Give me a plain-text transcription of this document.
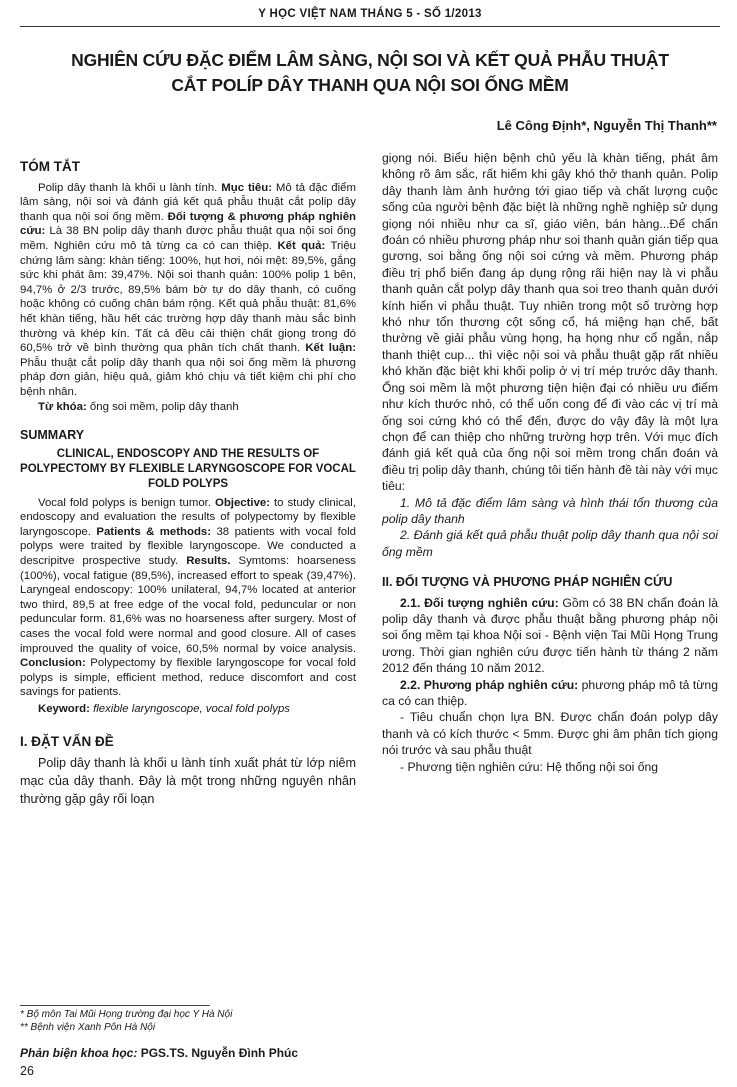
Y HỌC VIỆT NAM THÁNG 5 - SỐ 1/2013
NGHIÊN CỨU ĐẶC ĐIỂM LÂM SÀNG, NỘI SOI VÀ KẾT QUẢ PHẪU THUẬT
CẮT POLÍP DÂY THANH QUA NỘI SOI ỐNG MỀM
Lê Công Định*, Nguyễn Thị Thanh**
TÓM TẮT

Polip dây thanh là khối u lành tính. Mục tiêu: Mô tả đặc điểm lâm sàng, nội soi và đánh giá kết quả phẫu thuật cắt polip dây thanh qua nội soi ống mềm. Đối tượng & phương pháp nghiên cứu: Là 38 BN polip dây thanh được phẫu thuật qua nội soi ống mềm. Nghiên cứu mô tả từng ca có can thiệp. Kết quả: Triệu chứng lâm sàng: khàn tiếng: 100%, hụt hơi, nói mệt: 89,5%, gắng sức khi phát âm: 39,47%. Nội soi thanh quản: 100% polip 1 bên, 94,7% ở 2/3 trước, 89,5% bám bờ tự do dây thanh, có cuống hoặc không có cuống chân bám rộng. Kết quả phẫu thuật: 81,6% hết khàn tiếng, hầu hết các trường hợp dây thanh màu sắc bình thường và khép kín. Tất cả đều cải thiện chất giọng trong đó 60,5% trở về bình thường qua phân tích chất thanh. Kết luận: Phẫu thuật cắt polip dây thanh qua nội soi ống mềm là phương pháp đơn giản, hiệu quả, giảm khó chịu và tiết kiệm chi phí cho bệnh nhân.

Từ khóa: ống soi mềm, polip dây thanh

SUMMARY
CLINICAL, ENDOSCOPY AND THE RESULTS OF POLYPECTOMY BY FLEXIBLE LARYNGOSCOPE FOR VOCAL FOLD POLYPS

Vocal fold polyps is benign tumor. Objective: to study clinical, endoscopy and evaluation the results of polypectomy by flexible laryngoscope. Patients & methods: 38 patients with vocal fold polyps were traited by flexible laryngoscope. We conducted a descripitve prospective study. Results. Symtoms: hoarseness (100%), vocal fatigue (89,5%), increased effort to speak (39,47%). Laryngeal endoscopy: 100% unilateral, 94,7% located at anterior two third, 89,5 at free edge of the vocal fold, peduncular or non peduncular form. 81,6% was no hoarseness after surgery. Most of cases the vocal fold were normal and good closure. All of cases improuved the quality of voice, 60,5% normal by voice analysis. Conclusion: Polypectomy by flexible laryngoscope for vocal fold polyps is simple, efficient method, reduce discomfort and cost savings for patients.

Keyword: flexible laryngoscope, vocal fold polyps

I. ĐẶT VẤN ĐỀ

Polip dây thanh là khối u lành tính xuất phát từ lớp niêm mạc của dây thanh. Đây là một trong những nguyên nhân thường gặp gây rối loạn

giọng nói. Biểu hiện bệnh chủ yếu là khàn tiếng, phát âm không rõ âm sắc, rất hiếm khi gây khó thở thanh quản. Polip dây thanh làm ảnh hưởng tới giao tiếp và chất lượng cuộc sống của người bệnh đặc biệt là những nghề nghiệp sử dụng giọng nói nhiều như ca sĩ, giáo viên, bán hàng...Để chẩn đoán có nhiều phương pháp như soi thanh quản gián tiếp qua gương, soi bằng ống nội soi cứng và mềm. Phương pháp điều trị phổ biến đang áp dụng rộng rãi hiện nay là vi phẫu thanh quản cắt polyp dây thanh qua soi treo thanh quản dưới kính hiển vi phẫu thuật. Tuy nhiên trong một số trường hợp khó như tổn thương cột sống cổ, há miệng hạn chế, bất thường về giải phẫu vùng họng, hạ họng như cổ ngắn, nắp thanh thiệt cup... thì việc nội soi và phẫu thuật gặp rất nhiều khó khăn đặc biệt khi khối polip ở vị trí mép trước dây thanh. Ống soi mềm là một phương tiện hiện đại có nhiều ưu điểm như kích thước nhỏ, có thể uốn cong để đi vào các vị trí mà ống soi cứng khó có thể đến, được do vậy đây là một lựa chọn để can thiệp cho những trường hợp trên. Với mục đích đánh giá kết quả của ống nội soi mềm trong chẩn đoán và điều trị polip dây thanh, chúng tôi tiến hành đề tài này với mục tiêu:

1. Mô tả đặc điểm lâm sàng và hình thái tổn thương của polip dây thanh

2. Đánh giá kết quả phẫu thuật polip dây thanh qua nội soi ống mềm

II. ĐỐI TƯỢNG VÀ PHƯƠNG PHÁP NGHIÊN CỨU

2.1. Đối tượng nghiên cứu: Gồm có 38 BN chẩn đoán là polip dây thanh và được phẫu thuật bằng phương pháp nội soi ống mềm tại khoa Nội soi - Bệnh viện Tai Mũi Họng Trung ương. Thời gian nghiên cứu được tiến hành từ tháng 2 năm 2012 đến tháng 10 năm 2012.

2.2. Phương pháp nghiên cứu: phương pháp mô tả từng ca có can thiệp.

- Tiêu chuẩn chọn lựa BN. Được chẩn đoán polyp dây thanh và có kích thước < 5mm. Được ghi âm phân tích giọng nói trước và sau phẫu thuật

- Phương tiện nghiên cứu: Hệ thống nội soi ống

* Bộ môn Tai Mũi Họng trường đại học Y Hà Nội
** Bệnh viện Xanh Pôn Hà Nội
Phản biện khoa học: PGS.TS. Nguyễn Đình Phúc
26
